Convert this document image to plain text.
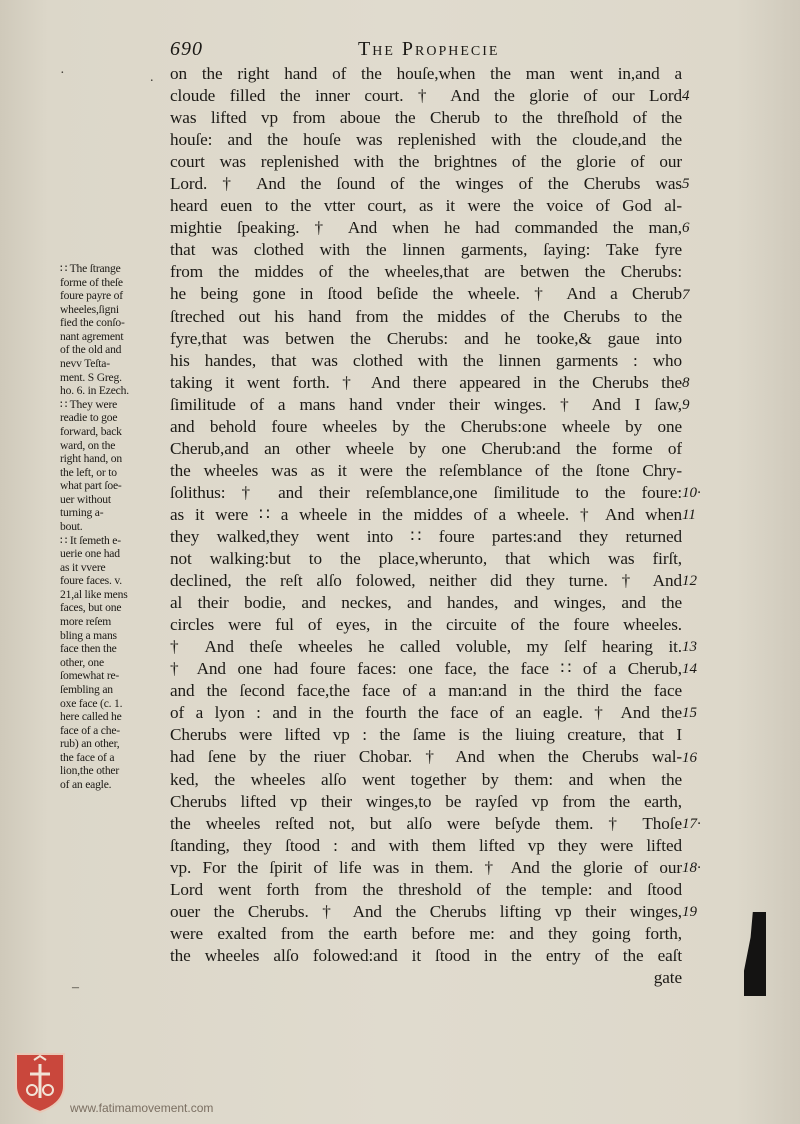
690	The Prophecie
·	.
–
on the right hand of the houſe,when the man went in,and a
cloude filled the inner court. † And the glorie of our Lord
was lifted vp from aboue the Cherub to the threſhold of the
houſe: and the houſe was replenished with the cloude,and the
court was replenished with the brightnes of the glorie of our
Lord. † And the ſound of the winges of the Cherubs was
heard euen to the vtter court, as it were the voice of God al-
mightie ſpeaking. † And when he had commanded the man,
that was clothed with the linnen garments, ſaying: Take fyre
from the middes of the wheeles,that are betwen the Cherubs:
he being gone in ſtood beſide the wheele. † And a Cherub
ſtreched out his hand from the middes of the Cherubs to the
fyre,that was betwen the Cherubs: and he tooke,& gaue into
his handes, that was clothed with the linnen garments : who
taking it went forth. † And there appeared in the Cherubs the
ſimilitude of a mans hand vnder their winges. † And I ſaw,
and behold foure wheeles by the Cherubs:one wheele by one
Cherub,and an other wheele by one Cherub:and the forme of
the wheeles was as it were the reſemblance of the ſtone Chry-
ſolithus: † and their reſemblance,one ſimilitude to the foure:
as it were ∷ a wheele in the middes of a wheele. † And when
they walked,they went into ∷ foure partes:and they returned
not walking:but to the place,wherunto, that which was firſt,
declined, the reſt alſo folowed, neither did they turne. † And
al their bodie, and neckes, and handes, and winges, and the
circles were ful of eyes, in the circuite of the foure wheeles.
† And theſe wheeles he called voluble, my ſelf hearing it.
† And one had foure faces: one face, the face ∷ of a Cherub,
and the ſecond face,the face of a man:and in the third the face
of a lyon : and in the fourth the face of an eagle. † And the
Cherubs were lifted vp : the ſame is the liuing creature, that I
had ſene by the riuer Chobar. † And when the Cherubs wal-
ked, the wheeles alſo went together by them: and when the
Cherubs lifted vp their winges,to be rayſed vp from the earth,
the wheeles reſted not, but alſo were beſyde them. † Thoſe
ſtanding, they ſtood : and with them lifted vp they were lifted
vp. For the ſpirit of life was in them. † And the glorie of our
Lord went forth from the threshold of the temple: and ſtood
ouer the Cherubs. † And the Cherubs lifting vp their winges,
were exalted from the earth before me: and they going forth,
the wheeles alſo folowed:and it ſtood in the entry of the eaſt
gate
4
5
6
7
8
9
10·
11
12
13
14
15
16
17·
18·
19
∷ The ſtrange
forme of theſe
foure payre of
wheeles,ſigni
fied the conſo-
nant agrement
of the old and
nevv Teſta-
ment. S Greg.
ho. 6. in Ezech.
∷ They were
readie to goe
forward, back
ward, on the
right hand, on
the left, or to
what part ſoe-
uer without
turning a-
bout.
∷ It ſemeth e-
uerie one had
as it vvere
foure faces. v.
21,al like mens
faces, but one
more reſem
bling a mans
face then the
other, one
ſomewhat re-
ſembling an
oxe face (c. 1.
here called he
face of a che-
rub) an other,
the face of a
lion,the other
of an eagle.
www.fatimamovement.com
